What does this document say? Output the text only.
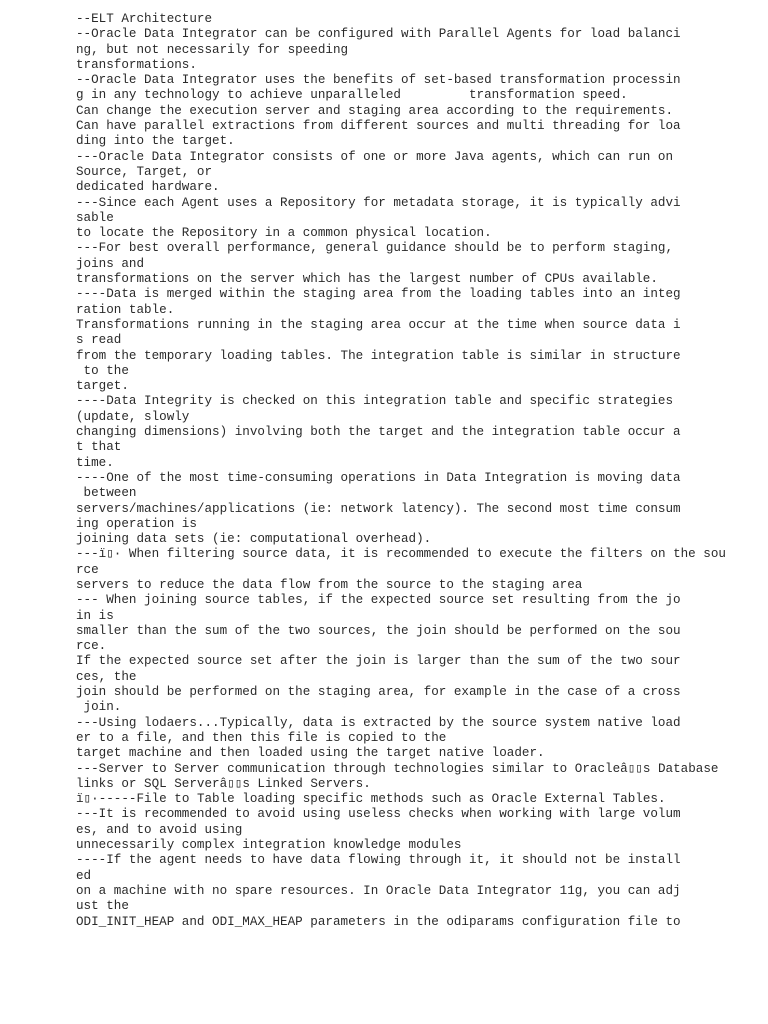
--ELT Architecture
--Oracle Data Integrator can be configured with Parallel Agents for load balanci
ng, but not necessarily for speeding
transformations.
--Oracle Data Integrator uses the benefits of set-based transformation processin
g in any technology to achieve unparalleled         transformation speed.
Can change the execution server and staging area according to the requirements.
Can have parallel extractions from different sources and multi threading for loa
ding into the target.
---Oracle Data Integrator consists of one or more Java agents, which can run on
Source, Target, or
dedicated hardware.
---Since each Agent uses a Repository for metadata storage, it is typically advi
sable
to locate the Repository in a common physical location.
---For best overall performance, general guidance should be to perform staging,
joins and
transformations on the server which has the largest number of CPUs available.
----Data is merged within the staging area from the loading tables into an integ
ration table.
Transformations running in the staging area occur at the time when source data i
s read
from the temporary loading tables. The integration table is similar in structure
to the
target.
----Data Integrity is checked on this integration table and specific strategies
(update, slowly
changing dimensions) involving both the target and the integration table occur a
t that
time.
----One of the most time-consuming operations in Data Integration is moving data
between
servers/machines/applications (ie: network latency). The second most time consum
ing operation is
joining data sets (ie: computational overhead).
---ï▯· When filtering source data, it is recommended to execute the filters on the sou
rce
servers to reduce the data flow from the source to the staging area
--- When joining source tables, if the expected source set resulting from the jo
in is
smaller than the sum of the two sources, the join should be performed on the sou
rce.
If the expected source set after the join is larger than the sum of the two sour
ces, the
join should be performed on the staging area, for example in the case of a cross
join.
---Using lodaers...Typically, data is extracted by the source system native load
er to a file, and then this file is copied to the
target machine and then loaded using the target native loader.
---Server to Server communication through technologies similar to Oracleâ▯▯s Database
links or SQL Serverâ▯▯s Linked Servers.
ï▯·-----File to Table loading specific methods such as Oracle External Tables.
---It is recommended to avoid using useless checks when working with large volum
es, and to avoid using
unnecessarily complex integration knowledge modules
----If the agent needs to have data flowing through it, it should not be install
ed
on a machine with no spare resources. In Oracle Data Integrator 11g, you can adj
ust the
ODI_INIT_HEAP and ODI_MAX_HEAP parameters in the odiparams configuration file to
